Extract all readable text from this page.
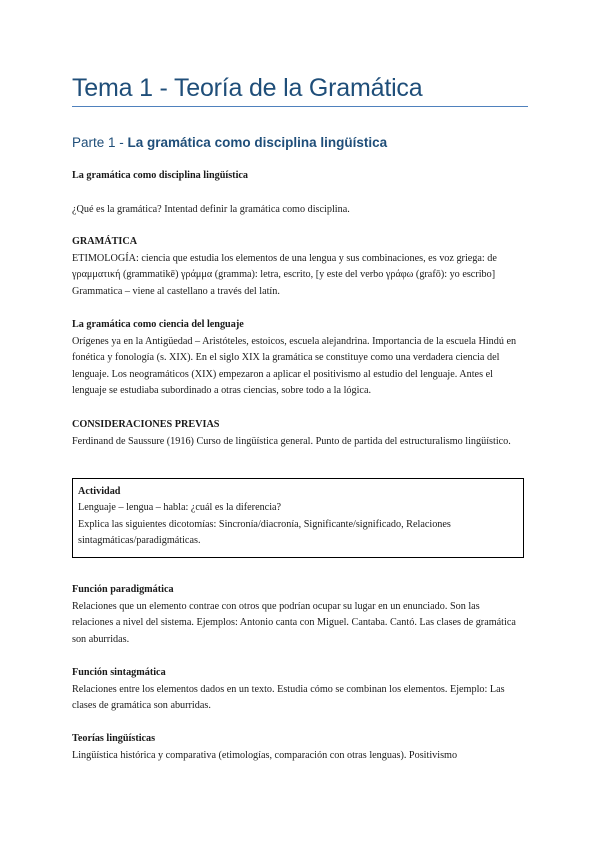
Tema 1 - Teoría de la Gramática
Parte 1 - La gramática como disciplina lingüística

La gramática como disciplina lingüística

¿Qué es la gramática? Intentad definir la gramática como disciplina.

GRAMÁTICA

ETIMOLOGÍA: ciencia que estudia los elementos de una lengua y sus combinaciones, es voz griega: de

γραμματική (grammatikē) γράμμα (gramma): letra, escrito, [y este del verbo γράφω (grafō): yo escribo]

Grammatica – viene al castellano a través del latín.

La gramática como ciencia del lenguaje

Orígenes ya en la Antigüedad – Aristóteles, estoicos, escuela alejandrina. Importancia de la escuela Hindú en

fonética y fonología (s. XIX). En el siglo XIX la gramática se constituye como una verdadera ciencia del

lenguaje. Los neogramáticos (XIX) empezaron a aplicar el positivismo al estudio del lenguaje. Antes el

lenguaje se estudiaba subordinado a otras ciencias, sobre todo a la lógica.

CONSIDERACIONES PREVIAS

Ferdinand de Saussure (1916) Curso de lingüística general. Punto de partida del estructuralismo lingüístico.

Actividad

Lenguaje – lengua – habla: ¿cuál es la diferencia?

Explica las siguientes dicotomías: Sincronía/diacronía, Significante/significado, Relaciones

sintagmáticas/paradigmáticas.

Función paradigmática

Relaciones que un elemento contrae con otros que podrían ocupar su lugar en un enunciado. Son las

relaciones a nivel del sistema. Ejemplos: Antonio canta con Miguel. Cantaba. Cantó. Las clases de gramática

son aburridas.

Función sintagmática

Relaciones entre los elementos dados en un texto. Estudia cómo se combinan los elementos. Ejemplo: Las

clases de gramática son aburridas.

Teorías lingüísticas

Lingüística histórica y comparativa (etimologías, comparación con otras lenguas). Positivismo
